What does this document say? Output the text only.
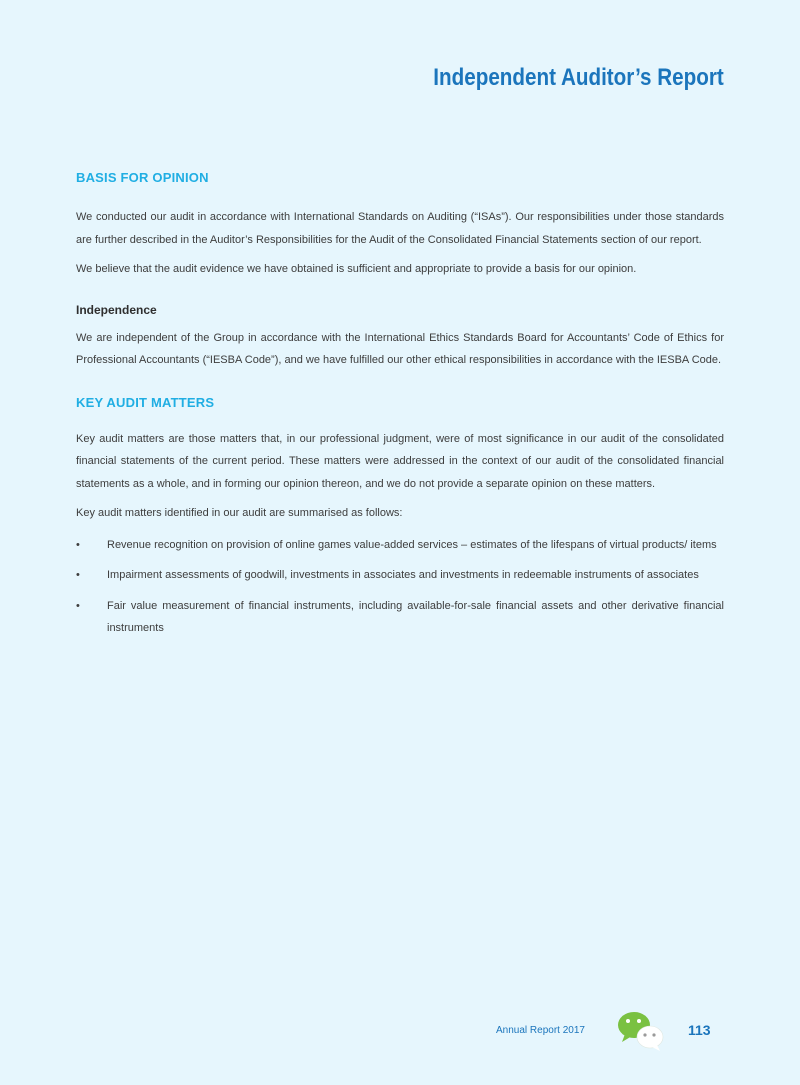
Independent Auditor’s Report
BASIS FOR OPINION

We conducted our audit in accordance with International Standards on Auditing (“ISAs”). Our responsibilities under those standards are further described in the Auditor’s Responsibilities for the Audit of the Consolidated Financial Statements section of our report.

We believe that the audit evidence we have obtained is sufficient and appropriate to provide a basis for our opinion.

Independence

We are independent of the Group in accordance with the International Ethics Standards Board for Accountants’ Code of Ethics for Professional Accountants (“IESBA Code”), and we have fulfilled our other ethical responsibilities in accordance with the IESBA Code.

KEY AUDIT MATTERS

Key audit matters are those matters that, in our professional judgment, were of most significance in our audit of the consolidated financial statements of the current period. These matters were addressed in the context of our audit of the consolidated financial statements as a whole, and in forming our opinion thereon, and we do not provide a separate opinion on these matters.

Key audit matters identified in our audit are summarised as follows:

• Revenue recognition on provision of online games value-added services – estimates of the lifespans of virtual products/ items
• Impairment assessments of goodwill, investments in associates and investments in redeemable instruments of associates
• Fair value measurement of financial instruments, including available-for-sale financial assets and other derivative financial instruments
Annual Report 2017	113
